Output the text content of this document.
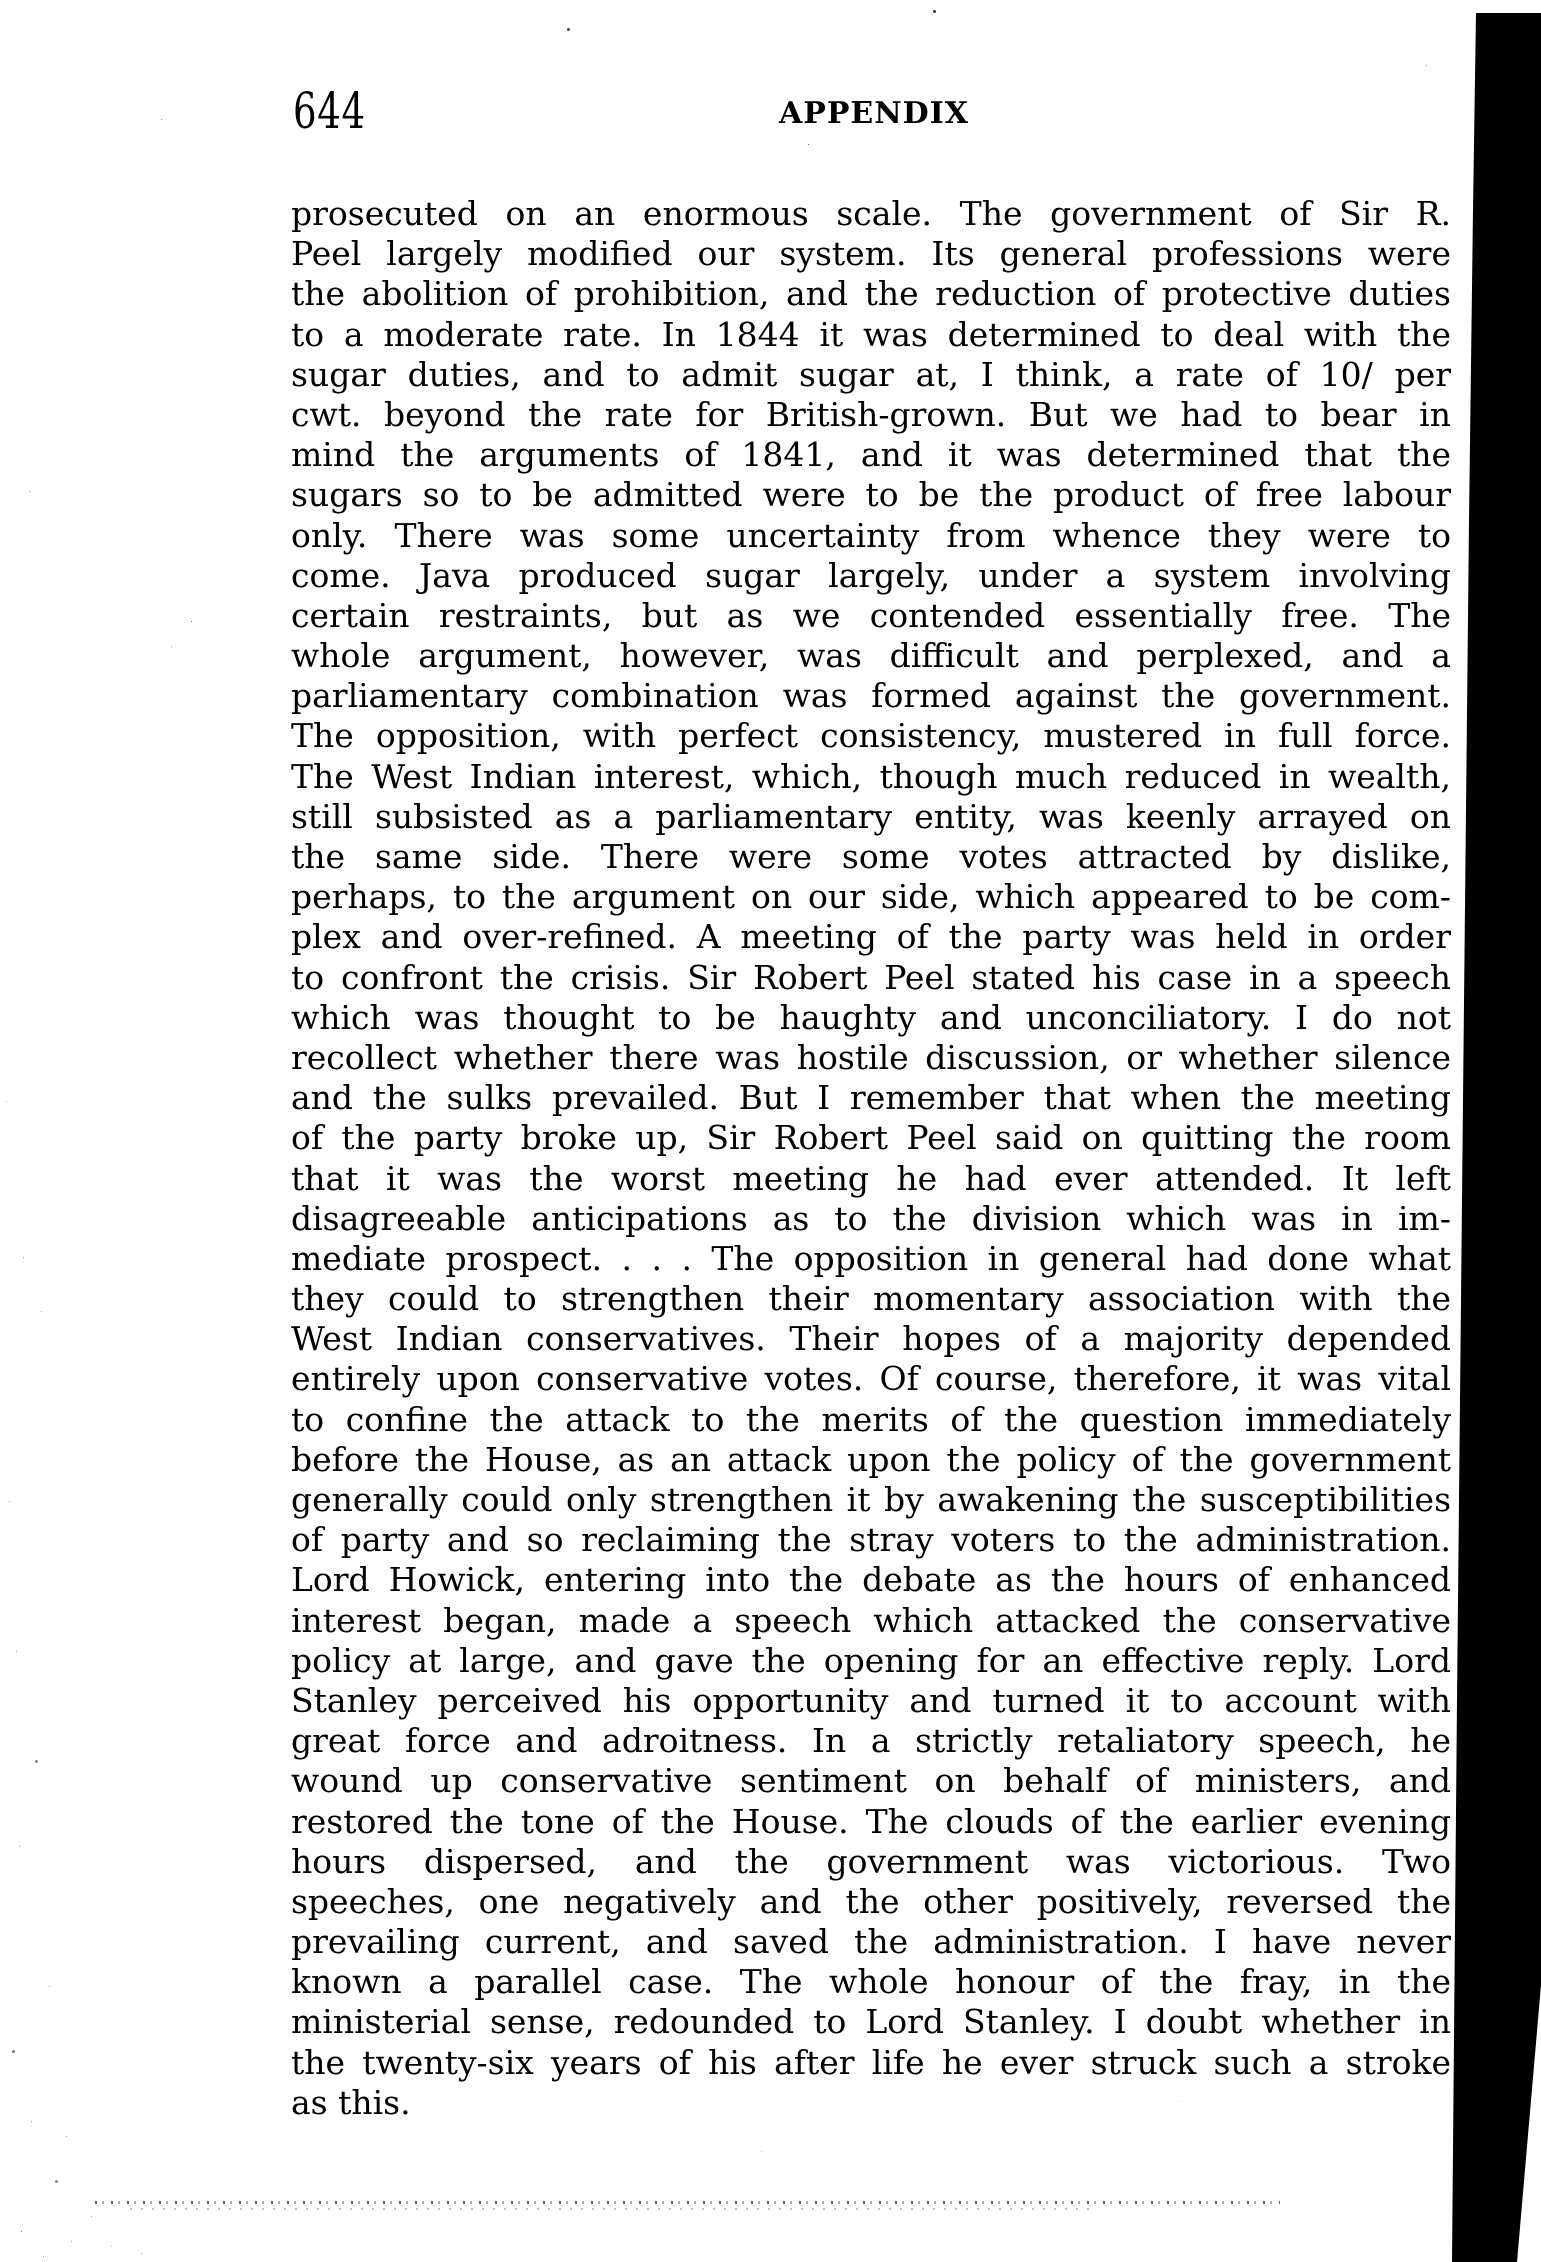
644	APPENDIX
prosecuted on an enormous scale. The government of Sir R.
Peel largely modified our system. Its general professions were
the abolition of prohibition, and the reduction of protective duties
to a moderate rate. In 1844 it was determined to deal with the
sugar duties, and to admit sugar at, I think, a rate of 10/ per
cwt. beyond the rate for British-grown. But we had to bear in
mind the arguments of 1841, and it was determined that the
sugars so to be admitted were to be the product of free labour
only. There was some uncertainty from whence they were to
come. Java produced sugar largely, under a system involving
certain restraints, but as we contended essentially free. The
whole argument, however, was difficult and perplexed, and a
parliamentary combination was formed against the government.
The opposition, with perfect consistency, mustered in full force.
The West Indian interest, which, though much reduced in wealth,
still subsisted as a parliamentary entity, was keenly arrayed on
the same side. There were some votes attracted by dislike,
perhaps, to the argument on our side, which appeared to be com-
plex and over-refined. A meeting of the party was held in order
to confront the crisis. Sir Robert Peel stated his case in a speech
which was thought to be haughty and unconciliatory. I do not
recollect whether there was hostile discussion, or whether silence
and the sulks prevailed. But I remember that when the meeting
of the party broke up, Sir Robert Peel said on quitting the room
that it was the worst meeting he had ever attended. It left
disagreeable anticipations as to the division which was in im-
mediate prospect. . . . The opposition in general had done what
they could to strengthen their momentary association with the
West Indian conservatives. Their hopes of a majority depended
entirely upon conservative votes. Of course, therefore, it was vital
to confine the attack to the merits of the question immediately
before the House, as an attack upon the policy of the government
generally could only strengthen it by awakening the susceptibilities
of party and so reclaiming the stray voters to the administration.
Lord Howick, entering into the debate as the hours of enhanced
interest began, made a speech which attacked the conservative
policy at large, and gave the opening for an effective reply. Lord
Stanley perceived his opportunity and turned it to account with
great force and adroitness. In a strictly retaliatory speech, he
wound up conservative sentiment on behalf of ministers, and
restored the tone of the House. The clouds of the earlier evening
hours dispersed, and the government was victorious. Two
speeches, one negatively and the other positively, reversed the
prevailing current, and saved the administration. I have never
known a parallel case. The whole honour of the fray, in the
ministerial sense, redounded to Lord Stanley. I doubt whether in
the twenty-six years of his after life he ever struck such a stroke
as this.
